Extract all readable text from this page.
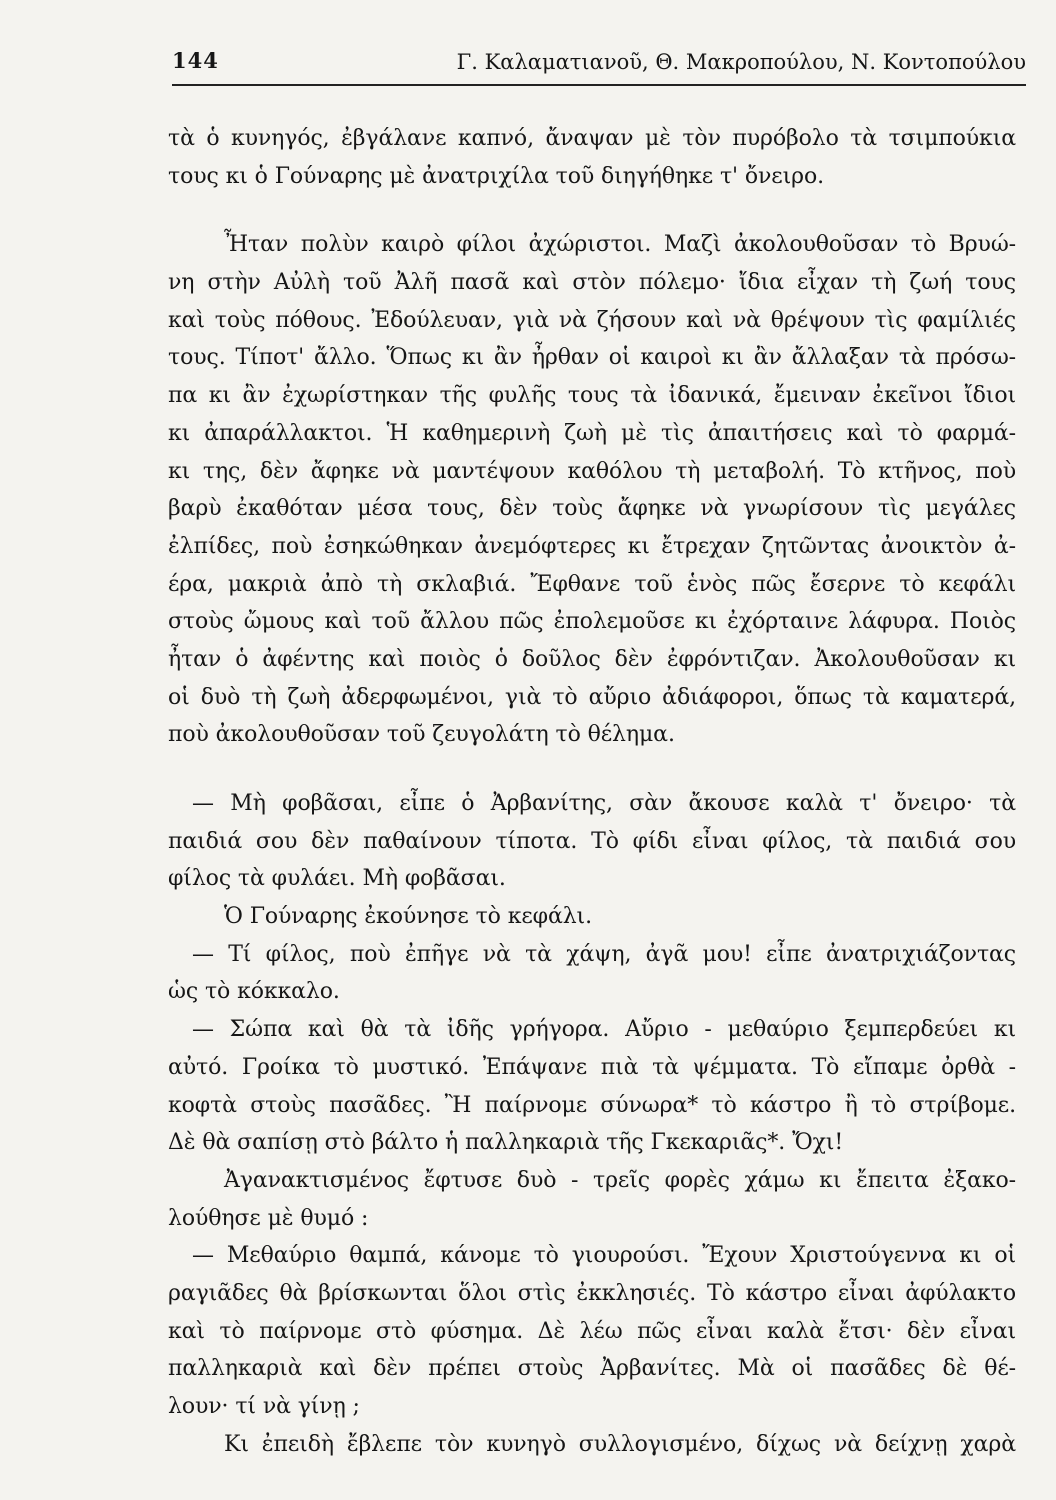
144	Γ. Καλαματιανοῦ, Θ. Μακροπούλου, Ν. Κοντοπούλου
τὰ ὁ κυνηγός, ἐβγάλανε καπνό, ἄναψαν μὲ τὸν πυρόβολο τὰ τσιμπούκια
τους κι ὁ Γούναρης μὲ ἀνατριχίλα τοῦ διηγήθηκε τ' ὄνειρο.
Ἦταν πολὺν καιρὸ φίλοι ἀχώριστοι. Μαζὶ ἀκολουθοῦσαν τὸ Βρυώ-
νη στὴν Αὐλὴ τοῦ Ἀλῆ πασᾶ καὶ στὸν πόλεμο· ἴδια εἶχαν τὴ ζωή τους
καὶ τοὺς πόθους. Ἐδούλευαν, γιὰ νὰ ζήσουν καὶ νὰ θρέψουν τὶς φαμίλιές
τους. Τίποτ' ἄλλο. Ὅπως κι ἂν ἦρθαν οἱ καιροὶ κι ἂν ἄλλαξαν τὰ πρόσω-
πα κι ἂν ἐχωρίστηκαν τῆς φυλῆς τους τὰ ἰδανικά, ἔμειναν ἐκεῖνοι ἴδιοι
κι ἀπαράλλακτοι. Ἡ καθημερινὴ ζωὴ μὲ τὶς ἀπαιτήσεις καὶ τὸ φαρμά-
κι της, δὲν ἄφηκε νὰ μαντέψουν καθόλου τὴ μεταβολή. Τὸ κτῆνος, ποὺ
βαρὺ ἐκαθόταν μέσα τους, δὲν τοὺς ἄφηκε νὰ γνωρίσουν τὶς μεγάλες
ἐλπίδες, ποὺ ἐσηκώθηκαν ἀνεμόφτερες κι ἔτρεχαν ζητῶντας ἀνοικτὸν ἀ-
έρα, μακριὰ ἀπὸ τὴ σκλαβιά. Ἔφθανε τοῦ ἑνὸς πῶς ἔσερνε τὸ κεφάλι
στοὺς ὤμους καὶ τοῦ ἄλλου πῶς ἐπολεμοῦσε κι ἐχόρταινε λάφυρα. Ποιὸς
ἦταν ὁ ἀφέντης καὶ ποιὸς ὁ δοῦλος δὲν ἐφρόντιζαν. Ἀκολουθοῦσαν κι
οἱ δυὸ τὴ ζωὴ ἀδερφωμένοι, γιὰ τὸ αὔριο ἀδιάφοροι, ὅπως τὰ καματερά,
ποὺ ἀκολουθοῦσαν τοῦ ζευγολάτη τὸ θέλημα.
— Μὴ φοβᾶσαι, εἶπε ὁ Ἀρβανίτης, σὰν ἄκουσε καλὰ τ' ὄνειρο· τὰ
παιδιά σου δὲν παθαίνουν τίποτα. Τὸ φίδι εἶναι φίλος, τὰ παιδιά σου
φίλος τὰ φυλάει. Μὴ φοβᾶσαι.
Ὁ Γούναρης ἐκούνησε τὸ κεφάλι.
— Τί φίλος, ποὺ ἐπῆγε νὰ τὰ χάψη, ἀγᾶ μου! εἶπε ἀνατριχιάζοντας
ὡς τὸ κόκκαλο.
— Σώπα καὶ θὰ τὰ ἰδῆς γρήγορα. Αὔριο - μεθαύριο ξεμπερδεύει κι
αὐτό. Γροίκα τὸ μυστικό. Ἐπάψανε πιὰ τὰ ψέμματα. Τὸ εἴπαμε ὀρθὰ -
κοφτὰ στοὺς πασᾶδες. Ἢ παίρνομε σύνωρα* τὸ κάστρο ἢ τὸ στρίβομε.
Δὲ θὰ σαπίσῃ στὸ βάλτο ἡ παλληκαριὰ τῆς Γκεκαριᾶς*. Ὄχι!
Ἀγανακτισμένος ἔφτυσε δυὸ - τρεῖς φορὲς χάμω κι ἔπειτα ἐξακο-
λούθησε μὲ θυμό :
— Μεθαύριο θαμπά, κάνομε τὸ γιουρούσι. Ἔχουν Χριστούγεννα κι οἱ
ραγιᾶδες θὰ βρίσκωνται ὅλοι στὶς ἐκκλησιές. Τὸ κάστρο εἶναι ἀφύλακτο
καὶ τὸ παίρνομε στὸ φύσημα. Δὲ λέω πῶς εἶναι καλὰ ἔτσι· δὲν εἶναι
παλληκαριὰ καὶ δὲν πρέπει στοὺς Ἀρβανίτες. Μὰ οἱ πασᾶδες δὲ θέ-
λουν· τί νὰ γίνῃ ;
Κι ἐπειδὴ ἔβλεπε τὸν κυνηγὸ συλλογισμένο, δίχως νὰ δείχνῃ χαρὰ
